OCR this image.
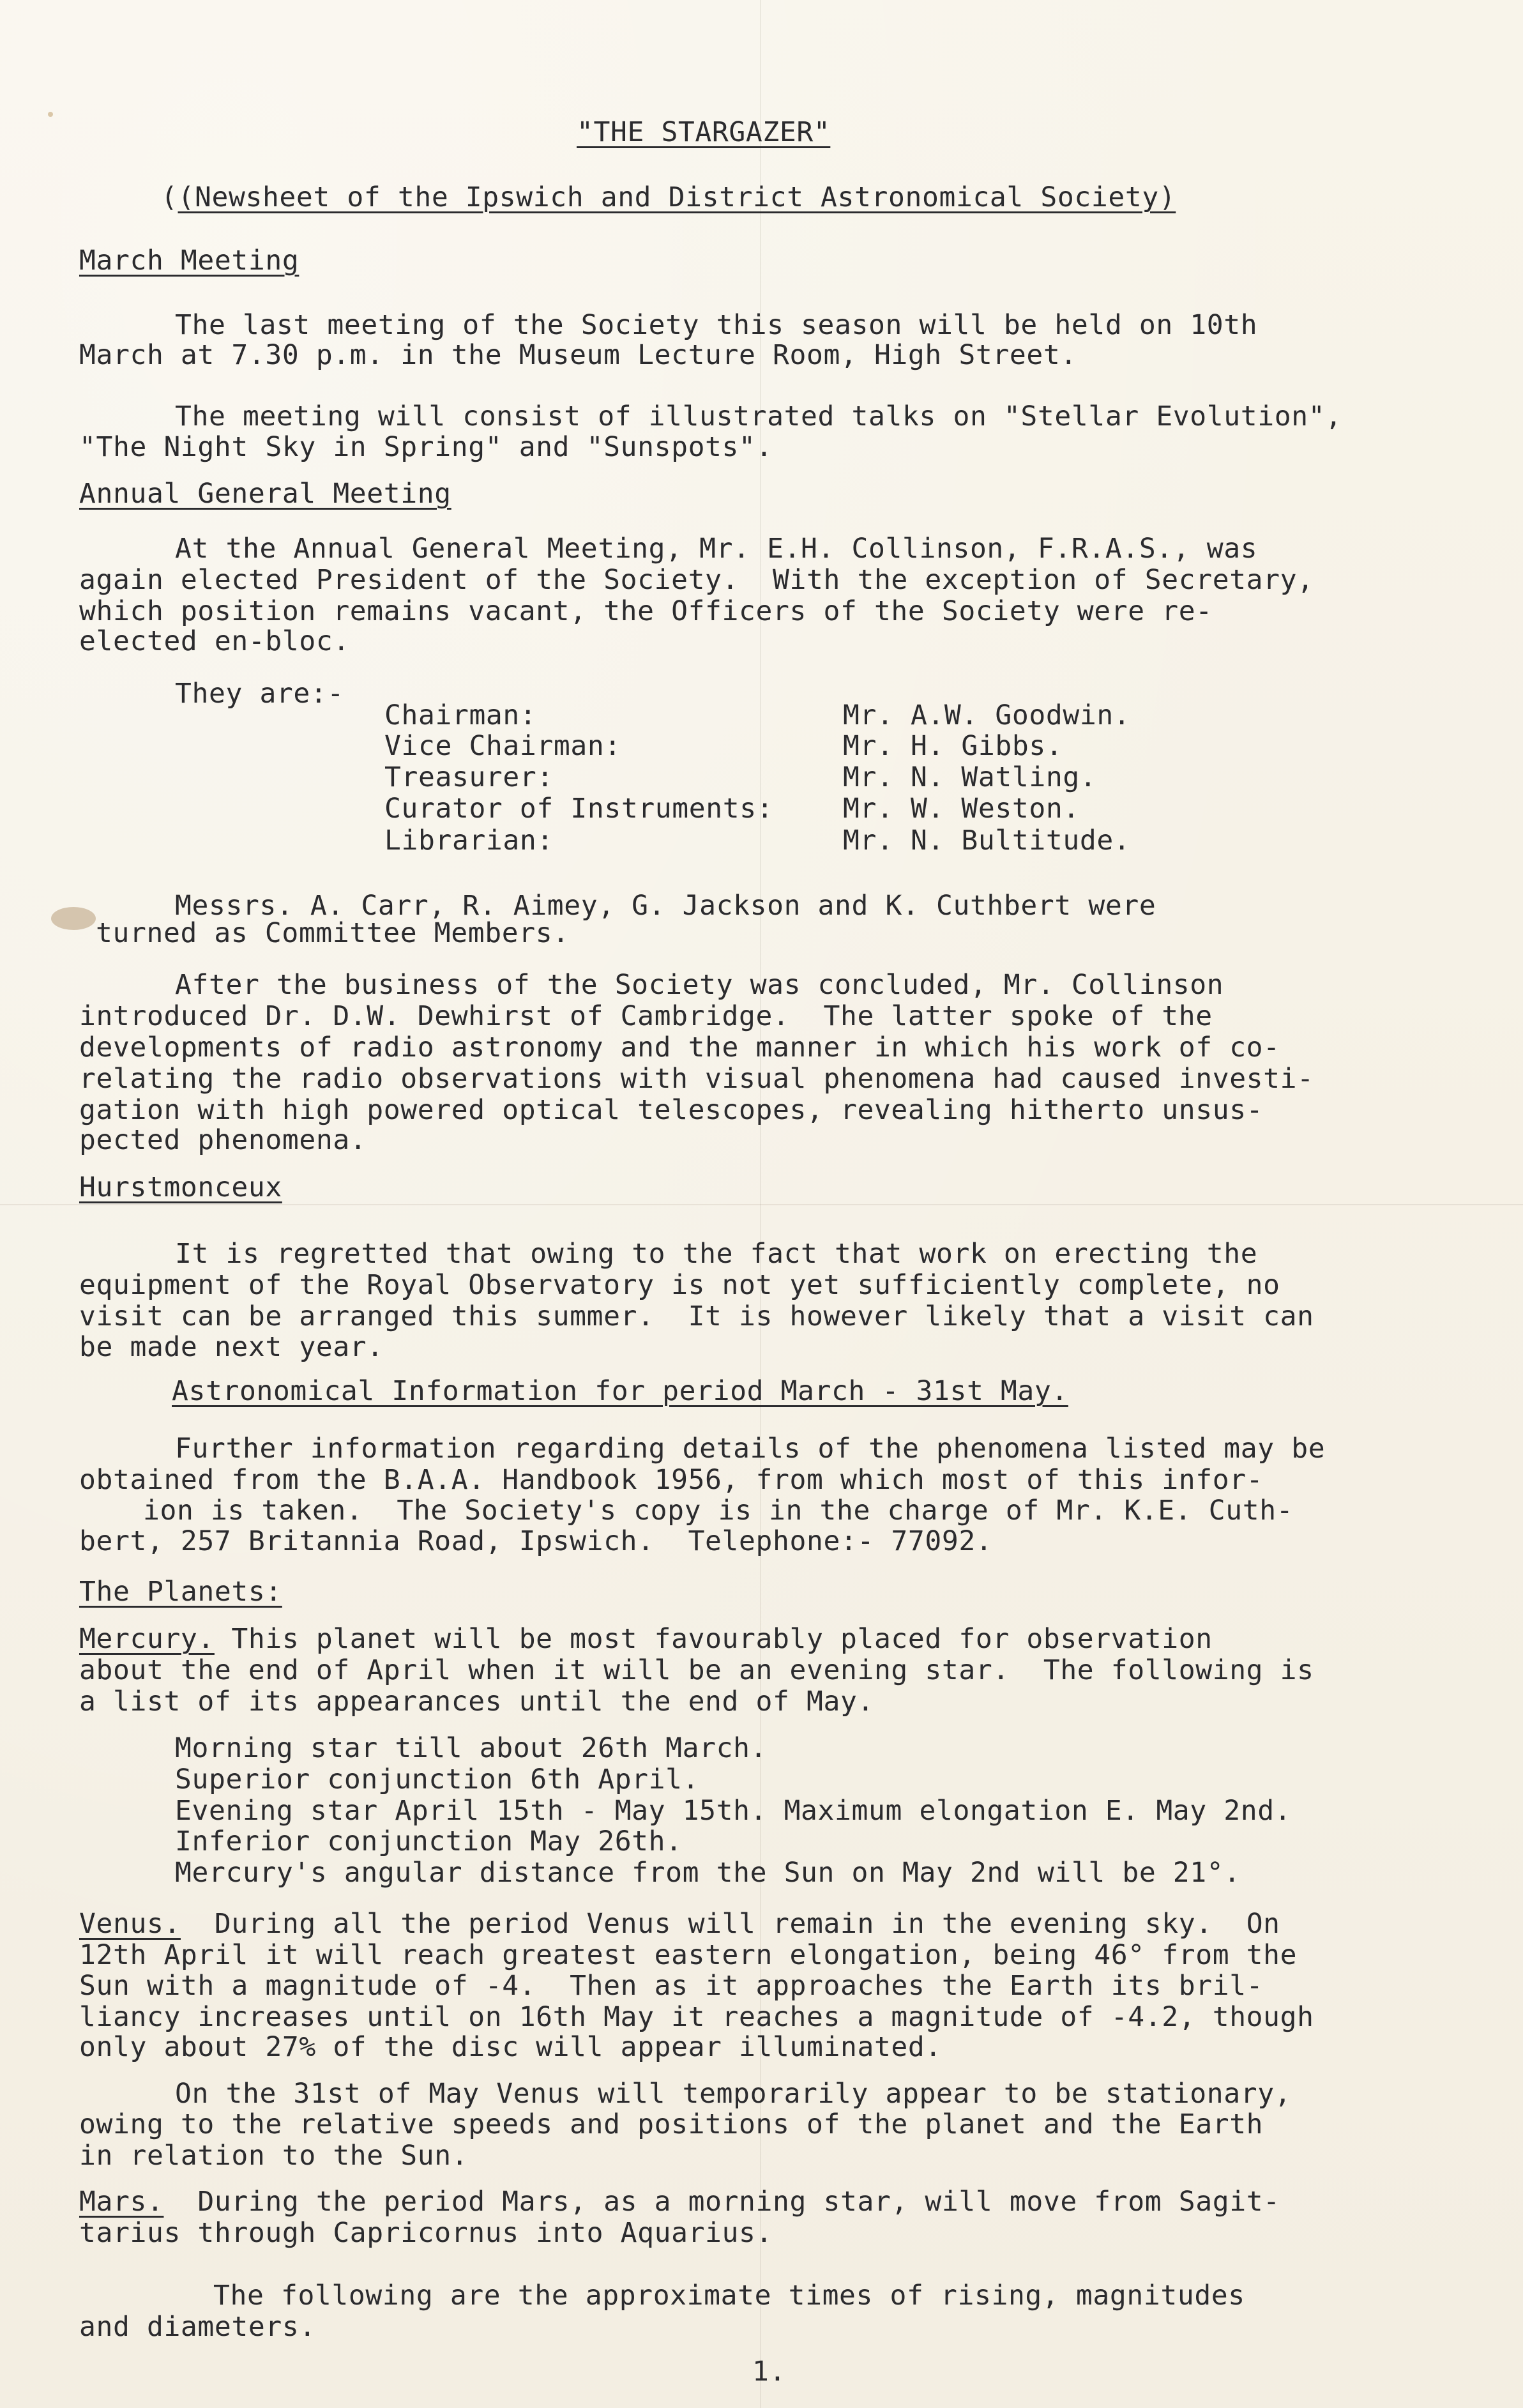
"THE STARGAZER"
((Newsheet of the Ipswich and District Astronomical Society)
March Meeting
The last meeting of the Society this season will be held on 10th
March at 7.30 p.m. in the Museum Lecture Room, High Street.
The meeting will consist of illustrated talks on "Stellar Evolution",
"The Night Sky in Spring" and "Sunspots".
Annual General Meeting
At the Annual General Meeting, Mr. E.H. Collinson, F.R.A.S., was
again elected President of the Society.  With the exception of Secretary,
which position remains vacant, the Officers of the Society were re-
elected en-bloc.
They are:-
Chairman:	Mr. A.W. Goodwin.
Vice Chairman:	Mr. H. Gibbs.
Treasurer:	Mr. N. Watling.
Curator of Instruments:	Mr. W. Weston.
Librarian:	Mr. N. Bultitude.
Messrs. A. Carr, R. Aimey, G. Jackson and K. Cuthbert were
turned as Committee Members.
After the business of the Society was concluded, Mr. Collinson
introduced Dr. D.W. Dewhirst of Cambridge.  The latter spoke of the
developments of radio astronomy and the manner in which his work of co-
relating the radio observations with visual phenomena had caused investi-
gation with high powered optical telescopes, revealing hitherto unsus-
pected phenomena.
Hurstmonceux
It is regretted that owing to the fact that work on erecting the
equipment of the Royal Observatory is not yet sufficiently complete, no
visit can be arranged this summer.  It is however likely that a visit can
be made next year.
Astronomical Information for period March - 31st May.
Further information regarding details of the phenomena listed may be
obtained from the B.A.A. Handbook 1956, from which most of this infor-
ion is taken.  The Society's copy is in the charge of Mr. K.E. Cuth-
bert, 257 Britannia Road, Ipswich.  Telephone:- 77092.
The Planets:
Mercury. This planet will be most favourably placed for observation
about the end of April when it will be an evening star.  The following is
a list of its appearances until the end of May.
Morning star till about 26th March.
Superior conjunction 6th April.
Evening star April 15th - May 15th. Maximum elongation E. May 2nd.
Inferior conjunction May 26th.
Mercury's angular distance from the Sun on May 2nd will be 21°.
Venus.  During all the period Venus will remain in the evening sky.  On
12th April it will reach greatest eastern elongation, being 46° from the
Sun with a magnitude of -4.  Then as it approaches the Earth its bril-
liancy increases until on 16th May it reaches a magnitude of -4.2, though
only about 27% of the disc will appear illuminated.
On the 31st of May Venus will temporarily appear to be stationary,
owing to the relative speeds and positions of the planet and the Earth
in relation to the Sun.
Mars.  During the period Mars, as a morning star, will move from Sagit-
tarius through Capricornus into Aquarius.
The following are the approximate times of rising, magnitudes
and diameters.
1.
